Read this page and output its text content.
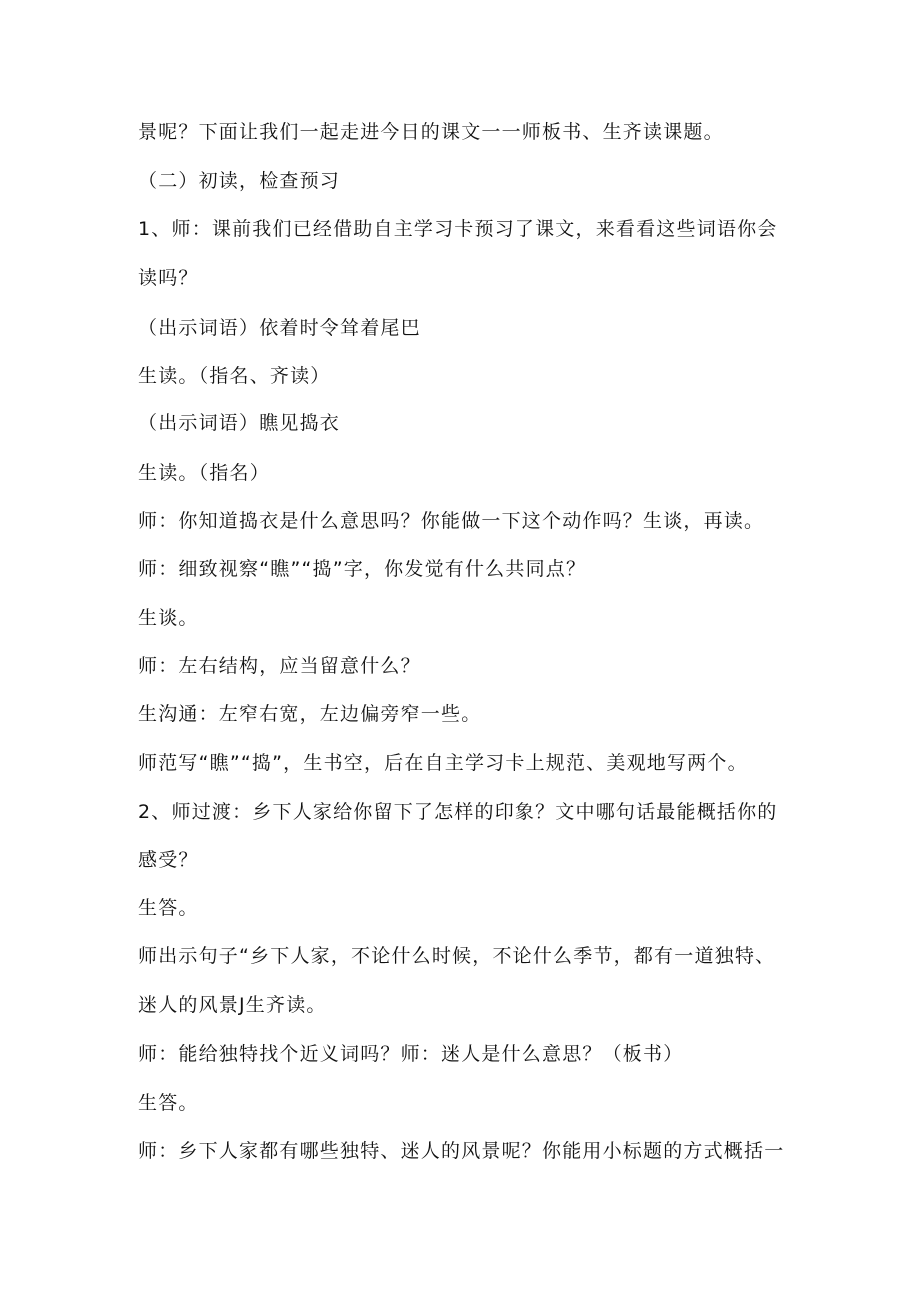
景呢？下面让我们一起走进今日的课文一一师板书、生齐读课题。
（二）初读，检查预习
1、师：课前我们已经借助自主学习卡预习了课文，来看看这些词语你会
读吗？
（出示词语）依着时令耸着尾巴
生读。（指名、齐读）
（出示词语）瞧见捣衣
生读。（指名）
师：你知道捣衣是什么意思吗？你能做一下这个动作吗？生谈，再读。
师：细致视察“瞧”“捣”字，你发觉有什么共同点？
生谈。
师：左右结构，应当留意什么？
生沟通：左窄右宽，左边偏旁窄一些。
师范写“瞧”“捣”，生书空，后在自主学习卡上规范、美观地写两个。
2、师过渡：乡下人家给你留下了怎样的印象？文中哪句话最能概括你的
感受？
生答。
师出示句子“乡下人家，不论什么时候，不论什么季节，都有一道独特、
迷人的风景J生齐读。
师：能给独特找个近义词吗？师：迷人是什么意思？（板书）
生答。
师：乡下人家都有哪些独特、迷人的风景呢？你能用小标题的方式概括一
